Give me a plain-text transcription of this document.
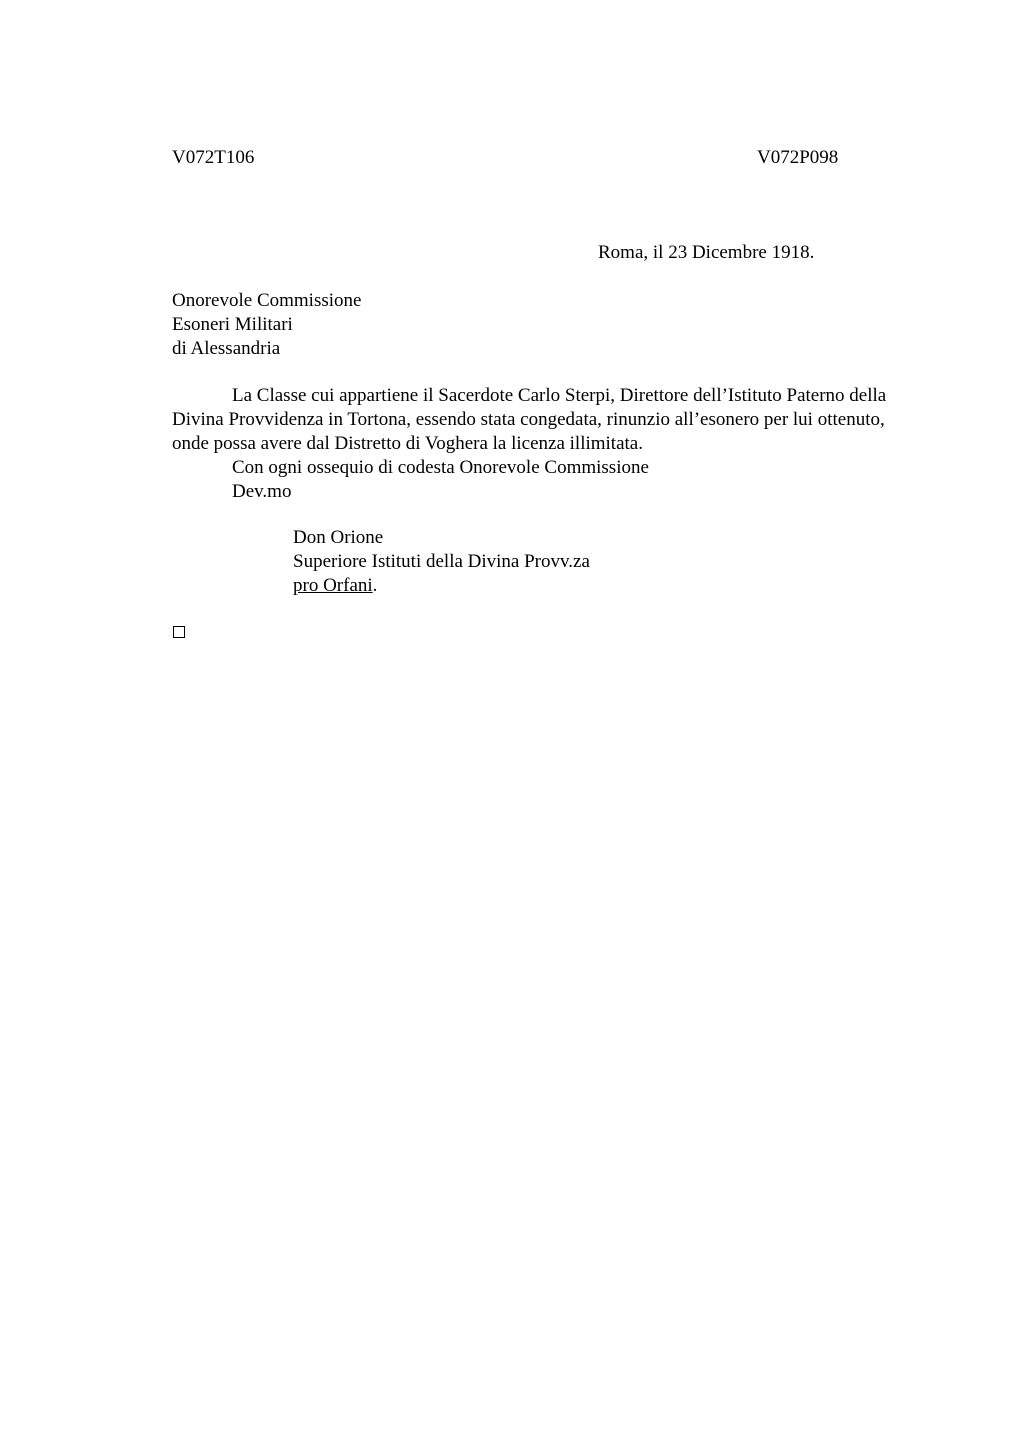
V072T106	V072P098
Roma, il 23 Dicembre 1918.
Onorevole Commissione
Esoneri Militari
di Alessandria

La Classe cui appartiene il Sacerdote Carlo Sterpi, Direttore dell’Istituto Paterno della Divina Provvidenza in Tortona, essendo stata congedata, rinunzio all’esonero per lui ottenuto, onde possa avere dal Distretto di Voghera la licenza illimitata.

Con ogni ossequio di codesta Onorevole Commissione

Dev.mo

Don Orione
Superiore Istituti della Divina Provv.za
pro Orfani.
